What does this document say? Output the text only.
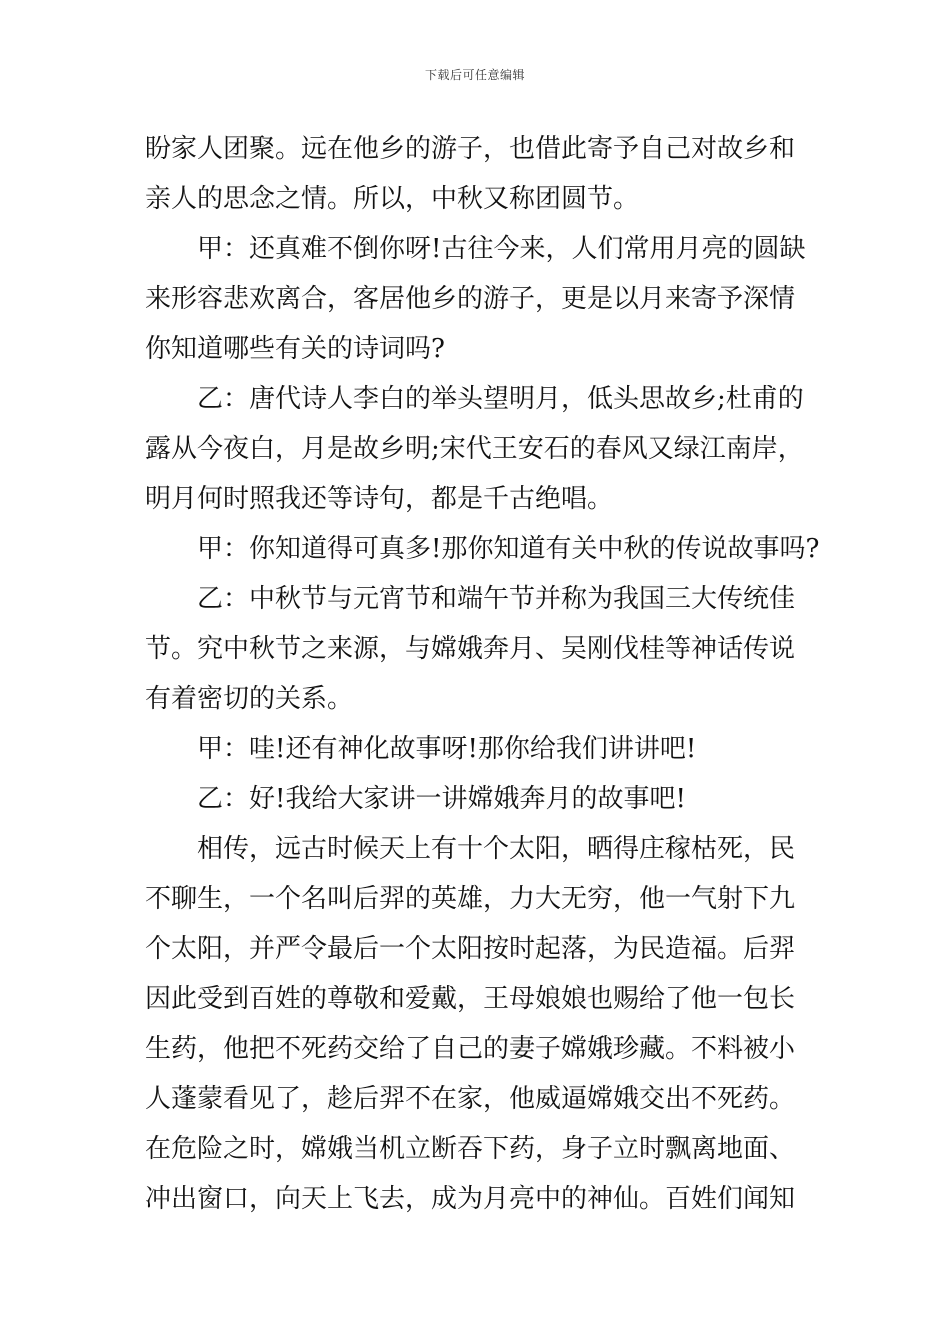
下载后可任意编辑
盼家人团聚。远在他乡的游子，也借此寄予自己对故乡和
亲人的思念之情。所以，中秋又称团圆节。
甲：还真难不倒你呀!古往今来，人们常用月亮的圆缺
来形容悲欢离合，客居他乡的游子，更是以月来寄予深情
你知道哪些有关的诗词吗?
乙：唐代诗人李白的举头望明月，低头思故乡;杜甫的
露从今夜白，月是故乡明;宋代王安石的春风又绿江南岸，
明月何时照我还等诗句，都是千古绝唱。
甲：你知道得可真多!那你知道有关中秋的传说故事吗?
乙：中秋节与元宵节和端午节并称为我国三大传统佳
节。究中秋节之来源，与嫦娥奔月、吴刚伐桂等神话传说
有着密切的关系。
甲：哇!还有神化故事呀!那你给我们讲讲吧!
乙：好!我给大家讲一讲嫦娥奔月的故事吧!
相传，远古时候天上有十个太阳，晒得庄稼枯死，民
不聊生，一个名叫后羿的英雄，力大无穷，他一气射下九
个太阳，并严令最后一个太阳按时起落，为民造福。后羿
因此受到百姓的尊敬和爱戴，王母娘娘也赐给了他一包长
生药，他把不死药交给了自己的妻子嫦娥珍藏。不料被小
人蓬蒙看见了，趁后羿不在家，他威逼嫦娥交出不死药。
在危险之时，嫦娥当机立断吞下药，身子立时飘离地面、
冲出窗口，向天上飞去，成为月亮中的神仙。百姓们闻知
